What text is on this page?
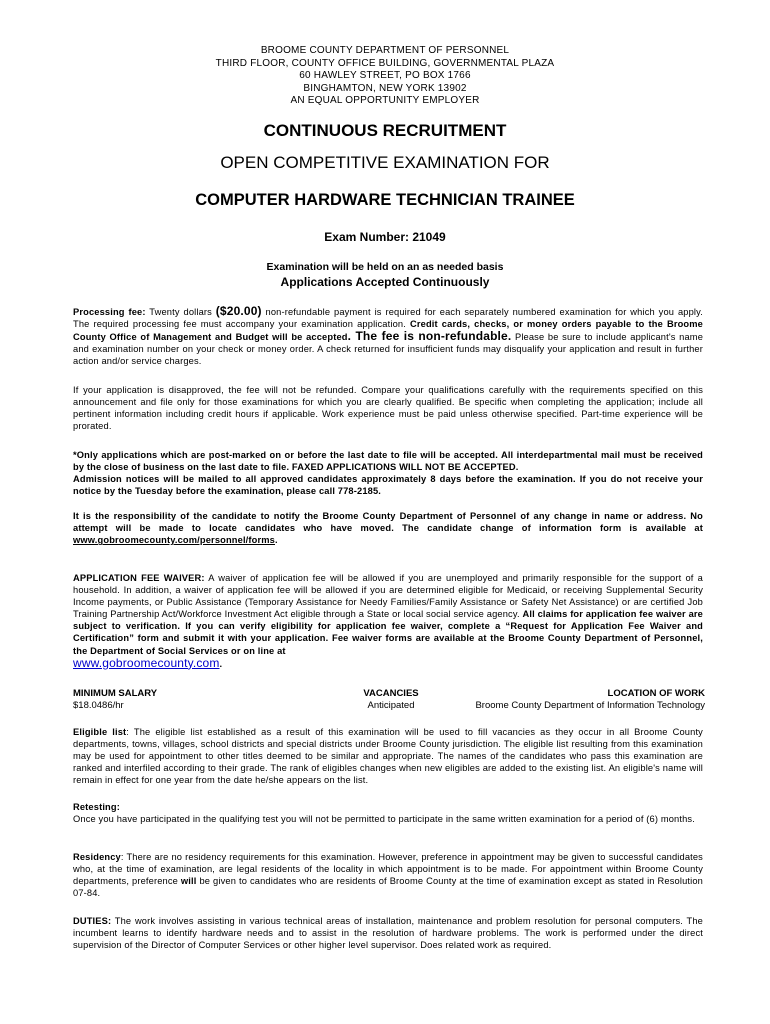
BROOME COUNTY DEPARTMENT OF PERSONNEL
THIRD FLOOR, COUNTY OFFICE BUILDING, GOVERNMENTAL PLAZA
60 HAWLEY STREET, PO BOX 1766
BINGHAMTON, NEW YORK 13902
AN EQUAL OPPORTUNITY EMPLOYER
CONTINUOUS RECRUITMENT
OPEN COMPETITIVE EXAMINATION FOR
COMPUTER HARDWARE TECHNICIAN TRAINEE
Exam Number: 21049
Examination will be held on an as needed basis
Applications Accepted Continuously
Processing fee: Twenty dollars ($20.00) non-refundable payment is required for each separately numbered examination for which you apply. The required processing fee must accompany your examination application. Credit cards, checks, or money orders payable to the Broome County Office of Management and Budget will be accepted. The fee is non-refundable. Please be sure to include applicant's name and examination number on your check or money order. A check returned for insufficient funds may disqualify your application and result in further action and/or service charges.
If your application is disapproved, the fee will not be refunded. Compare your qualifications carefully with the requirements specified on this announcement and file only for those examinations for which you are clearly qualified. Be specific when completing the application; include all pertinent information including credit hours if applicable. Work experience must be paid unless otherwise specified. Part-time experience will be prorated.
*Only applications which are post-marked on or before the last date to file will be accepted. All interdepartmental mail must be received by the close of business on the last date to file. FAXED APPLICATIONS WILL NOT BE ACCEPTED.
Admission notices will be mailed to all approved candidates approximately 8 days before the examination. If you do not receive your notice by the Tuesday before the examination, please call 778-2185.
It is the responsibility of the candidate to notify the Broome County Department of Personnel of any change in name or address. No attempt will be made to locate candidates who have moved. The candidate change of information form is available at www.gobroomecounty.com/personnel/forms.
APPLICATION FEE WAIVER: A waiver of application fee will be allowed if you are unemployed and primarily responsible for the support of a household. In addition, a waiver of application fee will be allowed if you are determined eligible for Medicaid, or receiving Supplemental Security Income payments, or Public Assistance (Temporary Assistance for Needy Families/Family Assistance or Safety Net Assistance) or are certified Job Training Partnership Act/Workforce Investment Act eligible through a State or local social service agency. All claims for application fee waiver are subject to verification. If you can verify eligibility for application fee waiver, complete a “Request for Application Fee Waiver and Certification” form and submit it with your application. Fee waiver forms are available at the Broome County Department of Personnel, the Department of Social Services or on line at
www.gobroomecounty.com.
MINIMUM SALARY
$18.0486/hr
VACANCIES
Anticipated
LOCATION OF WORK
Broome County Department of Information Technology
Eligible list: The eligible list established as a result of this examination will be used to fill vacancies as they occur in all Broome County departments, towns, villages, school districts and special districts under Broome County jurisdiction. The eligible list resulting from this examination may be used for appointment to other titles deemed to be similar and appropriate. The names of the candidates who pass this examination are ranked and interfiled according to their grade. The rank of eligibles changes when new eligibles are added to the existing list. An eligible's name will remain in effect for one year from the date he/she appears on the list.
Retesting:
Once you have participated in the qualifying test you will not be permitted to participate in the same written examination for a period of (6) months.
Residency: There are no residency requirements for this examination. However, preference in appointment may be given to successful candidates who, at the time of examination, are legal residents of the locality in which appointment is to be made. For appointment within Broome County departments, preference will be given to candidates who are residents of Broome County at the time of examination except as stated in Resolution 07-84.
DUTIES: The work involves assisting in various technical areas of installation, maintenance and problem resolution for personal computers. The incumbent learns to identify hardware needs and to assist in the resolution of hardware problems. The work is performed under the direct supervision of the Director of Computer Services or other higher level supervisor. Does related work as required.
